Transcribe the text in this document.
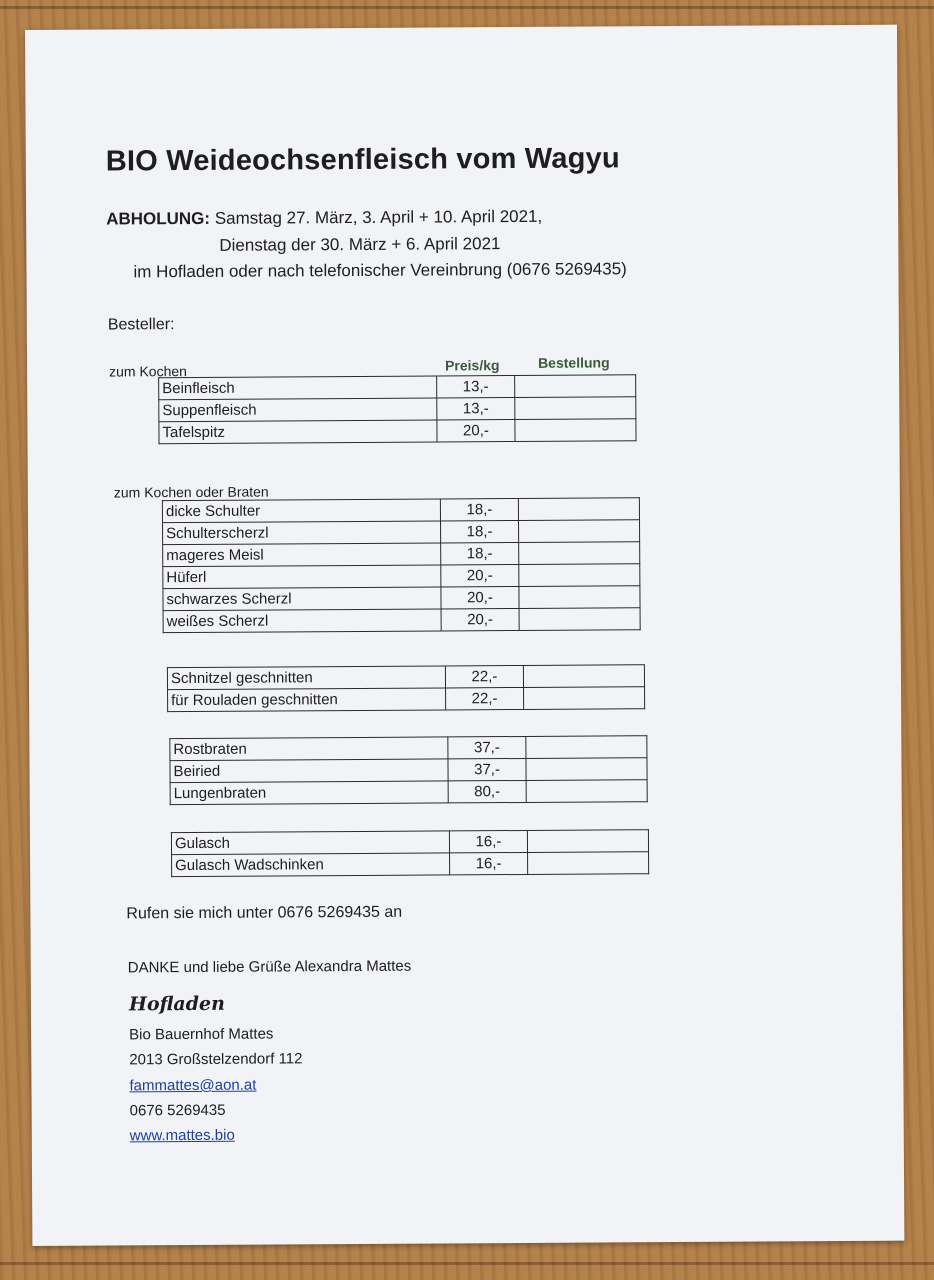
BIO Weideochsenfleisch vom Wagyu
ABHOLUNG: Samstag 27. März, 3. April + 10. April 2021,
Dienstag der 30. März + 6. April 2021
im Hofladen oder nach telefonischer Vereinbrung (0676 5269435)
Besteller:
zum Kochen	Preis/kg	Bestellung
Beinfleisch	13,-	
Suppenfleisch	13,-	
Tafelspitz	20,-	
zum Kochen oder Braten
dicke Schulter	18,-	
Schulterscherzl	18,-	
mageres Meisl	18,-	
Hüferl	20,-	
schwarzes Scherzl	20,-	
weißes Scherzl	20,-	
Schnitzel geschnitten	22,-	
für Rouladen geschnitten	22,-	
Rostbraten	37,-	
Beiried	37,-	
Lungenbraten	80,-	
Gulasch	16,-	
Gulasch Wadschinken	16,-	
Rufen sie mich unter 0676 5269435 an
DANKE und liebe Grüße Alexandra Mattes
Hofladen
Bio Bauernhof Mattes
2013 Großstelzendorf 112
fammattes@aon.at
0676 5269435
www.mattes.bio
